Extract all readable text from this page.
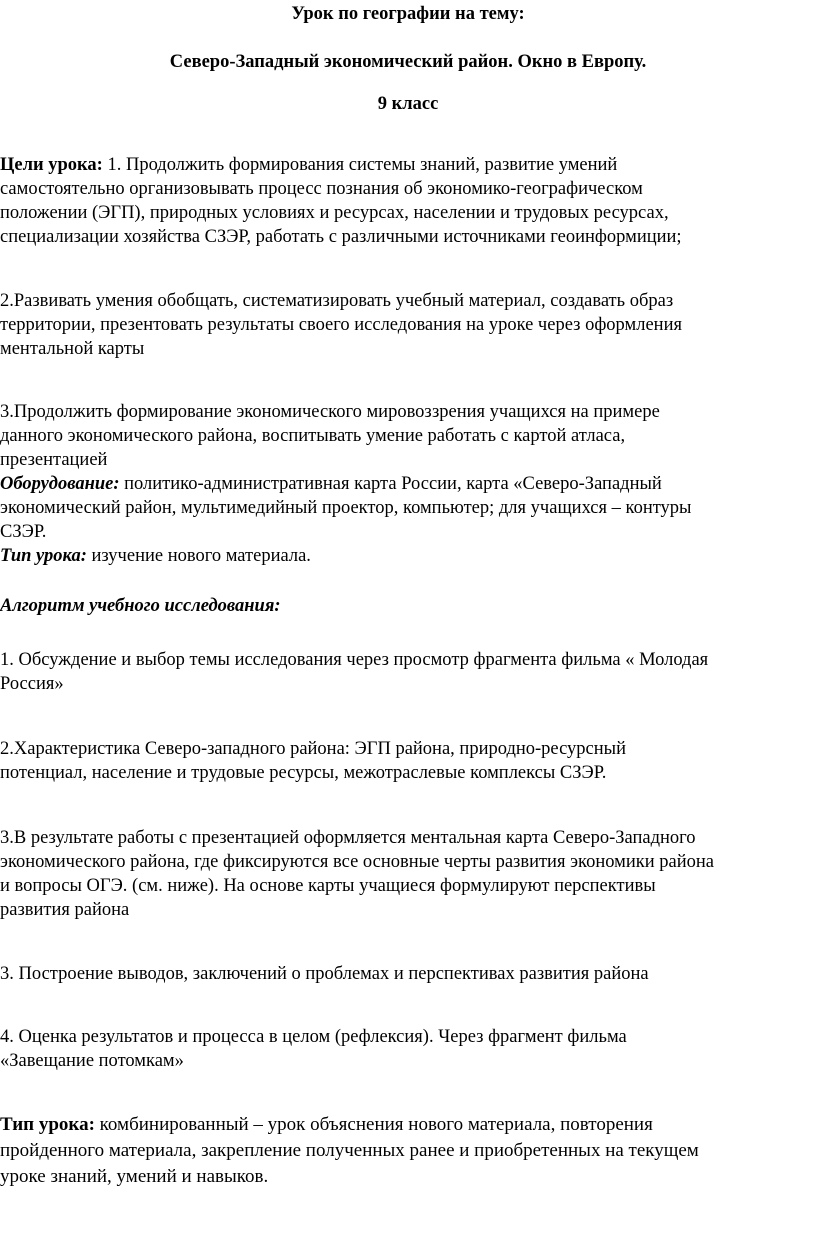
Урок по географии на тему:
Северо-Западный экономический район. Окно в Европу.
9 класс
Цели урока: 1. Продолжить формирования системы знаний, развитие умений
самостоятельно организовывать процесс познания об экономико-географическом
положении (ЭГП), природных условиях и ресурсах, населении и трудовых ресурсах,
специализации хозяйства СЗЭР, работать с различными источниками геоинформиции;
2.Развивать умения обобщать, систематизировать учебный материал, создавать образ
территории, презентовать результаты своего исследования на уроке через оформления
ментальной карты
3.Продолжить формирование экономического мировоззрения учащихся на примере
данного экономического района, воспитывать умение работать с картой атласа,
презентацией
Оборудование: политико-административная карта России, карта «Северо-Западный
экономический район, мультимедийный проектор, компьютер; для учащихся – контуры
СЗЭР.
Тип урока: изучение нового материала.
Алгоритм учебного исследования:
1. Обсуждение и выбор темы исследования через просмотр фрагмента фильма « Молодая
Россия»
2.Характеристика Северо-западного района: ЭГП района, природно-ресурсный
потенциал, население и трудовые ресурсы, межотраслевые комплексы СЗЭР.
3.В результате работы с презентацией оформляется ментальная карта Северо-Западного
экономического района, где фиксируются все основные черты развития экономики района
и вопросы ОГЭ. (см. ниже). На основе карты учащиеся формулируют перспективы
развития района
3. Построение выводов, заключений о проблемах и перспективах развития района
4. Оценка результатов и процесса в целом (рефлексия). Через фрагмент фильма
«Завещание потомкам»
Тип урока: комбинированный – урок объяснения нового материала, повторения
пройденного материала, закрепление полученных ранее и приобретенных на текущем
уроке знаний, умений и навыков.
